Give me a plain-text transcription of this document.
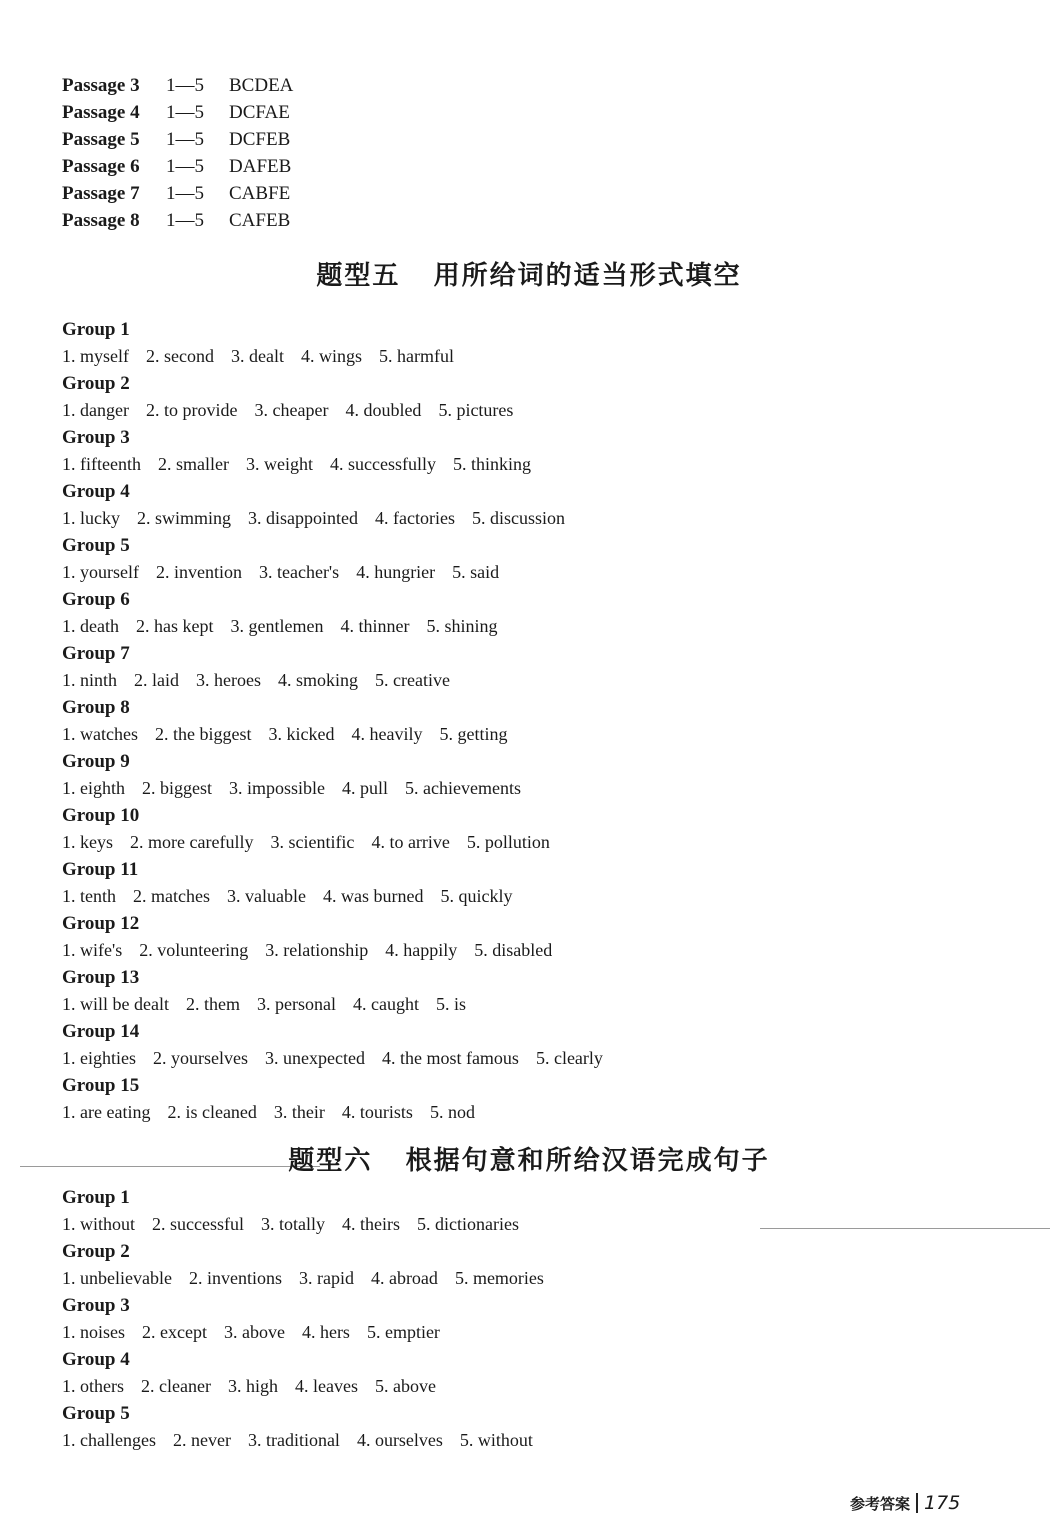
Passage 3 1—5 BCDEA
Passage 4 1—5 DCFAE
Passage 5 1—5 DCFEB
Passage 6 1—5 DAFEB
Passage 7 1—5 CABFE
Passage 8 1—5 CAFEB
题型五   用所给词的适当形式填空
Group 1
1. myself 2. second 3. dealt 4. wings 5. harmful
Group 2
1. danger 2. to provide 3. cheaper 4. doubled 5. pictures
Group 3
1. fifteenth 2. smaller 3. weight 4. successfully 5. thinking
Group 4
1. lucky 2. swimming 3. disappointed 4. factories 5. discussion
Group 5
1. yourself 2. invention 3. teacher's 4. hungrier 5. said
Group 6
1. death 2. has kept 3. gentlemen 4. thinner 5. shining
Group 7
1. ninth 2. laid 3. heroes 4. smoking 5. creative
Group 8
1. watches 2. the biggest 3. kicked 4. heavily 5. getting
Group 9
1. eighth 2. biggest 3. impossible 4. pull 5. achievements
Group 10
1. keys 2. more carefully 3. scientific 4. to arrive 5. pollution
Group 11
1. tenth 2. matches 3. valuable 4. was burned 5. quickly
Group 12
1. wife's 2. volunteering 3. relationship 4. happily 5. disabled
Group 13
1. will be dealt 2. them 3. personal 4. caught 5. is
Group 14
1. eighties 2. yourselves 3. unexpected 4. the most famous 5. clearly
Group 15
1. are eating 2. is cleaned 3. their 4. tourists 5. nod
题型六   根据句意和所给汉语完成句子
Group 1
1. without 2. successful 3. totally 4. theirs 5. dictionaries
Group 2
1. unbelievable 2. inventions 3. rapid 4. abroad 5. memories
Group 3
1. noises 2. except 3. above 4. hers 5. emptier
Group 4
1. others 2. cleaner 3. high 4. leaves 5. above
Group 5
1. challenges 2. never 3. traditional 4. ourselves 5. without
参考答案 175
